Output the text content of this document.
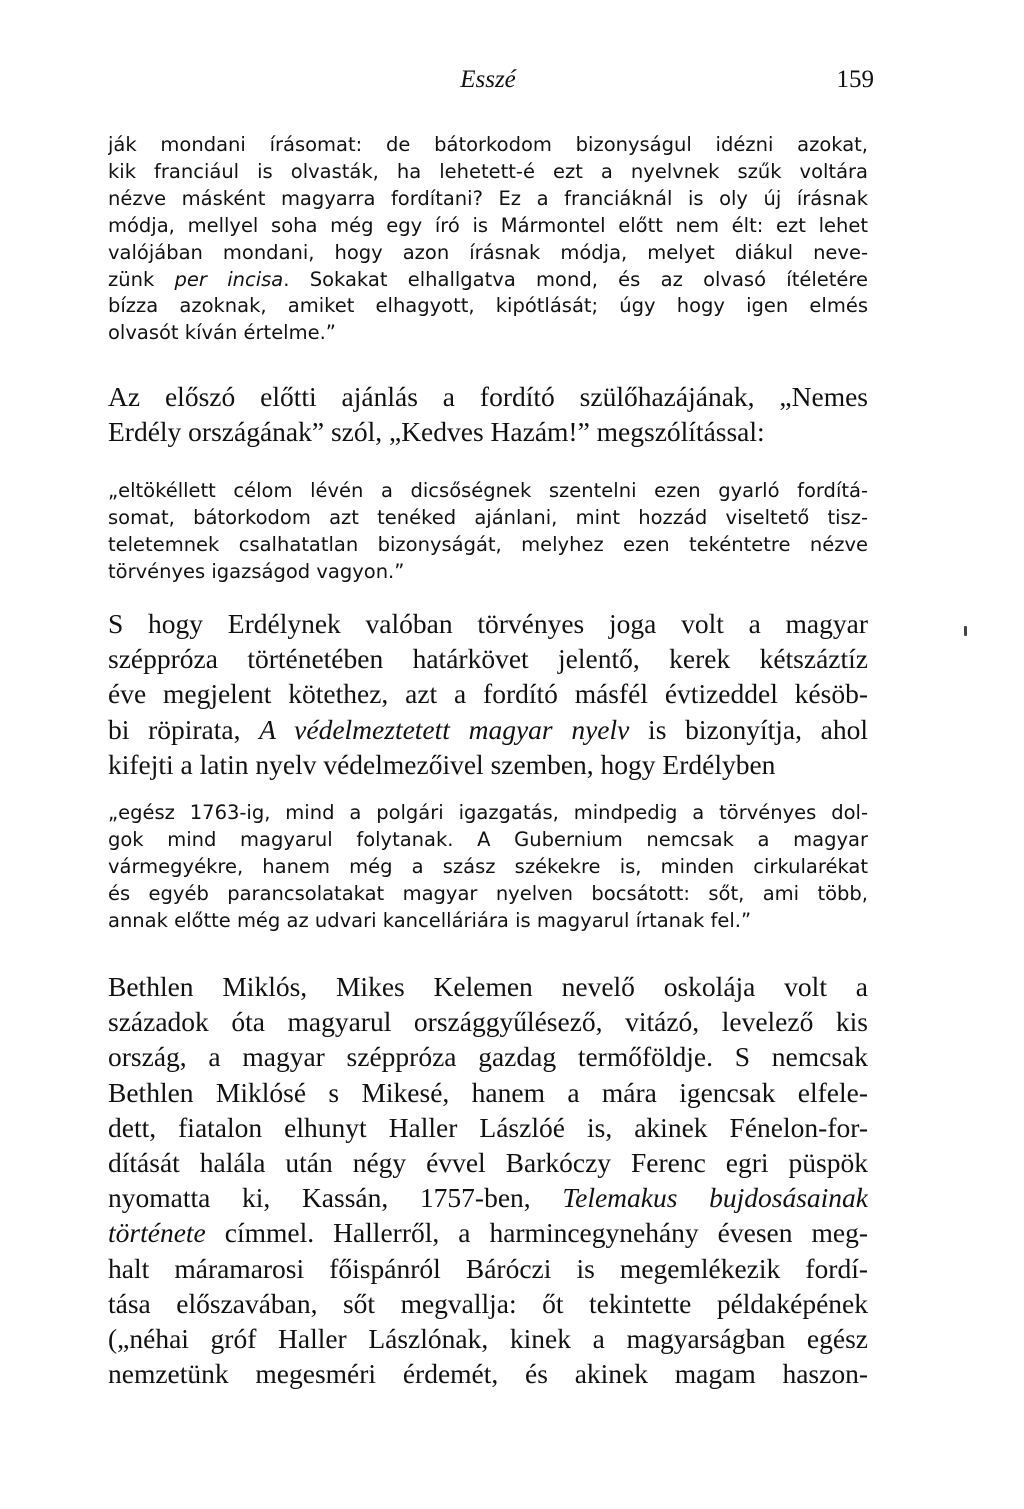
Esszé	159
ják mondani írásomat: de bátorkodom bizonyságul idézni azokat,
kik franciául is olvasták, ha lehetett-é ezt a nyelvnek szűk voltára
nézve másként magyarra fordítani? Ez a franciáknál is oly új írásnak
módja, mellyel soha még egy író is Mármontel előtt nem élt: ezt lehet
valójában mondani, hogy azon írásnak módja, melyet diákul neve-
zünk per incisa. Sokakat elhallgatva mond, és az olvasó ítéletére
bízza azoknak, amiket elhagyott, kipótlását; úgy hogy igen elmés
olvasót kíván értelme.”
Az előszó előtti ajánlás a fordító szülőhazájának, „Nemes
Erdély országának” szól, „Kedves Hazám!” megszólítással:
„eltökéllett célom lévén a dicsőségnek szentelni ezen gyarló fordítá-
somat, bátorkodom azt tenéked ajánlani, mint hozzád viseltető tisz-
teletemnek csalhatatlan bizonyságát, melyhez ezen tekéntetre nézve
törvényes igazságod vagyon.”
S hogy Erdélynek valóban törvényes joga volt a magyar
széppróza történetében határkövet jelentő, kerek kétszáztíz
éve megjelent kötethez, azt a fordító másfél évtizeddel késöb-
bi röpirata, A védelmeztetett magyar nyelv is bizonyítja, ahol
kifejti a latin nyelv védelmezőivel szemben, hogy Erdélyben
„egész 1763-ig, mind a polgári igazgatás, mindpedig a törvényes dol-
gok mind magyarul folytanak. A Gubernium nemcsak a magyar
vármegyékre, hanem még a szász székekre is, minden cirkularékat
és egyéb parancsolatakat magyar nyelven bocsátott: sőt, ami több,
annak előtte még az udvari kancelláriára is magyarul írtanak fel.”
Bethlen Miklós, Mikes Kelemen nevelő oskolája volt a
századok óta magyarul országgyűlésező, vitázó, levelező kis
ország, a magyar széppróza gazdag termőföldje. S nemcsak
Bethlen Miklósé s Mikesé, hanem a mára igencsak elfele-
dett, fiatalon elhunyt Haller Lászlóé is, akinek Fénelon-for-
dítását halála után négy évvel Barkóczy Ferenc egri püspök
nyomatta ki, Kassán, 1757-ben, Telemakus bujdosásainak
története címmel. Hallerről, a harmincegynehány évesen meg-
halt máramarosi főispánról Báróczi is megemlékezik fordí-
tása előszavában, sőt megvallja: őt tekintette példaképének
(„néhai gróf Haller Lászlónak, kinek a magyarságban egész
nemzetünk megesméri érdemét, és akinek magam haszon-
